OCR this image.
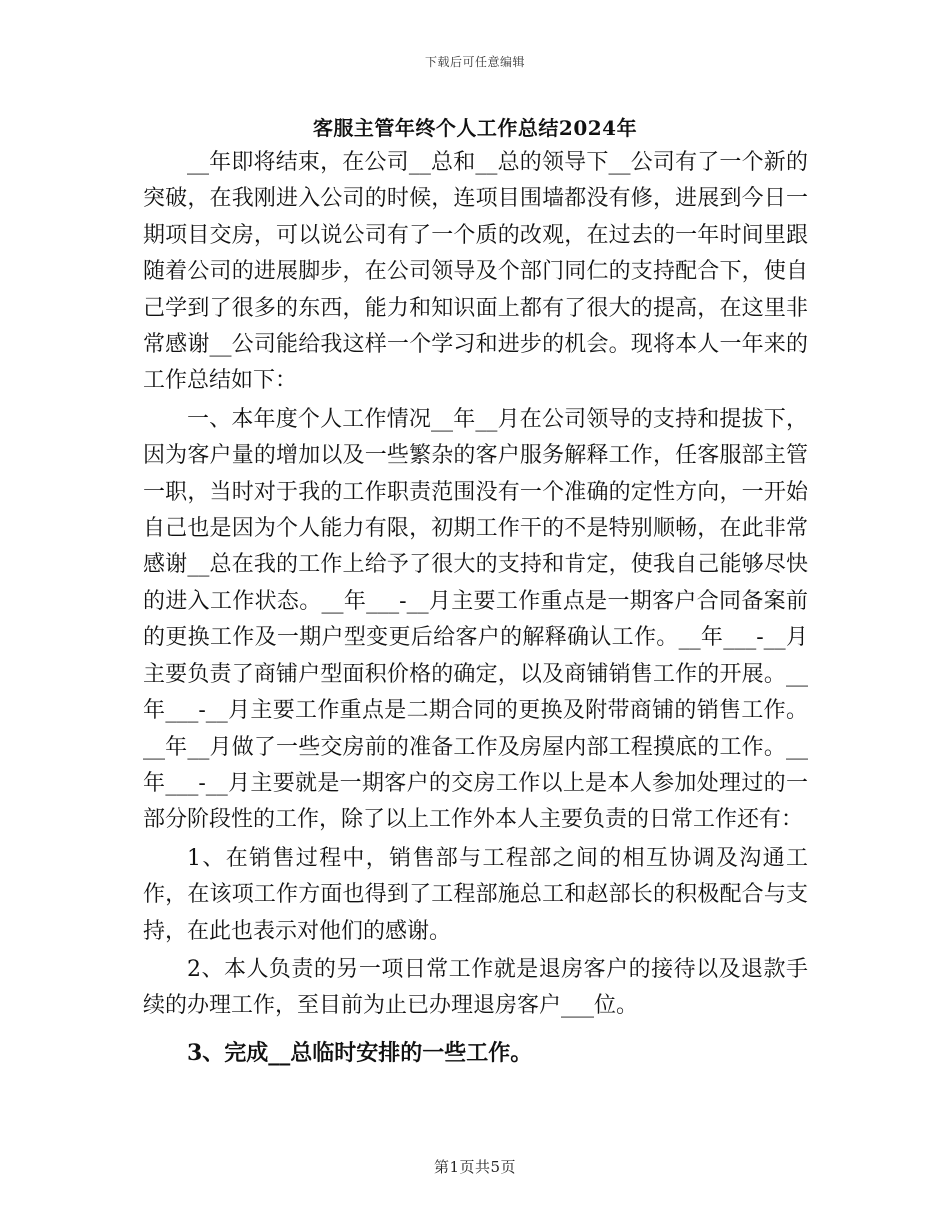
下载后可任意编辑
客服主管年终个人工作总结2024年

__年即将结束，在公司__总和__总的领导下__公司有了一个新的突破，在我刚进入公司的时候，连项目围墙都没有修，进展到今日一期项目交房，可以说公司有了一个质的改观，在过去的一年时间里跟随着公司的进展脚步，在公司领导及个部门同仁的支持配合下，使自己学到了很多的东西，能力和知识面上都有了很大的提高，在这里非常感谢__公司能给我这样一个学习和进步的机会。现将本人一年来的工作总结如下：

一、本年度个人工作情况__年__月在公司领导的支持和提拔下，因为客户量的增加以及一些繁杂的客户服务解释工作，任客服部主管一职，当时对于我的工作职责范围没有一个准确的定性方向，一开始自己也是因为个人能力有限，初期工作干的不是特别顺畅，在此非常感谢__总在我的工作上给予了很大的支持和肯定，使我自己能够尽快的进入工作状态。__年___-__月主要工作重点是一期客户合同备案前的更换工作及一期户型变更后给客户的解释确认工作。__年___-__月主要负责了商铺户型面积价格的确定，以及商铺销售工作的开展。__年___-__月主要工作重点是二期合同的更换及附带商铺的销售工作。__年__月做了一些交房前的准备工作及房屋内部工程摸底的工作。__年___-__月主要就是一期客户的交房工作以上是本人参加处理过的一部分阶段性的工作，除了以上工作外本人主要负责的日常工作还有：

1、在销售过程中，销售部与工程部之间的相互协调及沟通工作，在该项工作方面也得到了工程部施总工和赵部长的积极配合与支持，在此也表示对他们的感谢。

2、本人负责的另一项日常工作就是退房客户的接待以及退款手续的办理工作，至目前为止已办理退房客户___位。

3、完成__总临时安排的一些工作。

第1页共5页
